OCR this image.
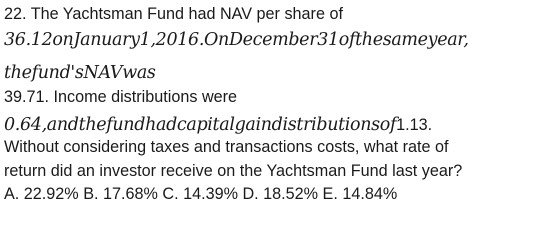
22. The Yachtsman Fund had NAV per share of
36.12onJanuary1,2016.OnDecember31ofthesameyear,
thefund'sNAVwas
39.71. Income distributions were
0.64,andthefundhadcapitalgaindistributionsof1.13.
Without considering taxes and transactions costs, what rate of
return did an investor receive on the Yachtsman Fund last year?
A. 22.92% B. 17.68% C. 14.39% D. 18.52% E. 14.84%
